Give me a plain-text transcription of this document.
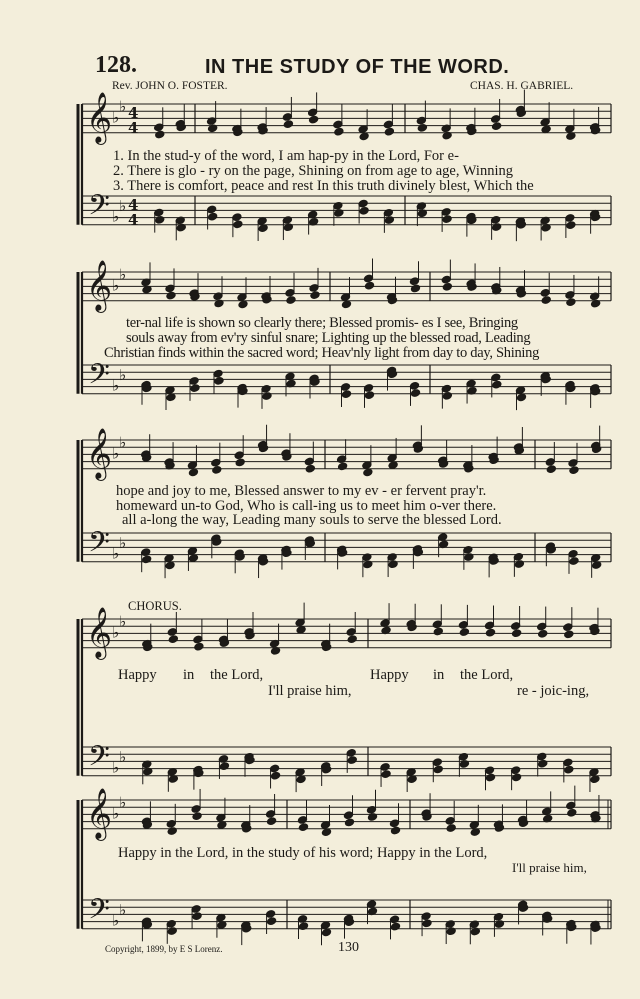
128.	IN THE STUDY OF THE WORD.
Rev. JOHN O. FOSTER.	CHAS. H. GABRIEL.
𝄞
𝄢
♭
♭
♭
♭
4
4
4
4
𝄞
𝄢
♭
♭
♭
♭
𝄞
𝄢
♭
♭
♭
♭
𝄞
𝄢
♭
♭
♭
♭
𝄞
𝄢
♭
♭
♭
♭
1. In the stud-y of the word, I am hap-py in the Lord, For e-
2. There is glo - ry on the page, Shining on from age to age, Winning
3. There is comfort, peace and rest In this truth divinely blest, Which the
ter-nal life is shown so clearly there; Blessed promis- es I see, Bringing
souls away from ev'ry sinful snare; Lighting up the blessed road, Leading
Christian finds within the sacred word; Heav'nly light from day to day, Shining
hope and joy to me, Blessed answer to my ev - er fervent pray'r.
homeward un-to God, Who is call-ing us to meet him o-ver there.
all a-long the way, Leading many souls to serve the blessed Lord.
CHORUS.
Happy in the Lord,	Happy in the Lord,
I'll praise him,	re - joic-ing,
Happy in the Lord, in the study of his word; Happy in the Lord,
I'll praise him,
Copyright, 1899, by E S Lorenz.	130
